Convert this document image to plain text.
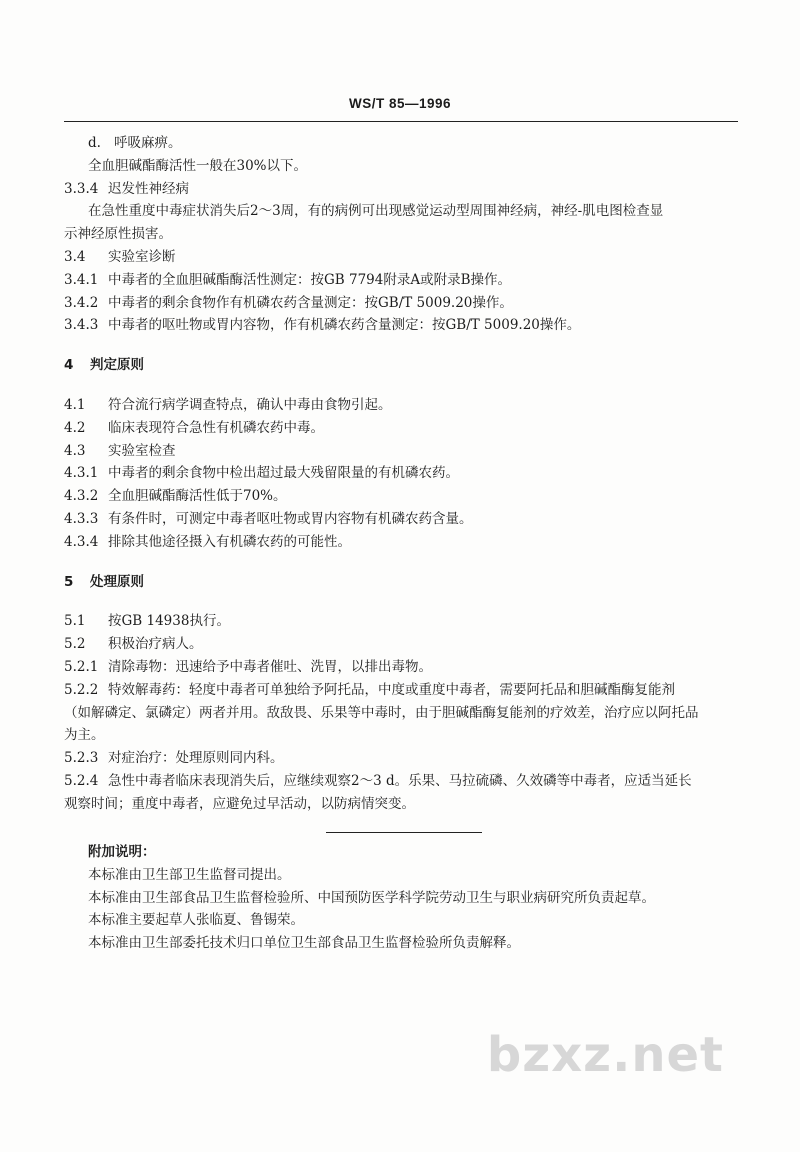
WS/T 85—1996
d. 呼吸麻痹。
全血胆碱酯酶活性一般在30%以下。
3.3.4 迟发性神经病
在急性重度中毒症状消失后2～3周，有的病例可出现感觉运动型周围神经病，神经-肌电图检查显
示神经原性损害。
3.4 实验室诊断
3.4.1 中毒者的全血胆碱酯酶活性测定：按GB 7794附录A或附录B操作。
3.4.2 中毒者的剩余食物作有机磷农药含量测定：按GB/T 5009.20操作。
3.4.3 中毒者的呕吐物或胃内容物，作有机磷农药含量测定：按GB/T 5009.20操作。
4 判定原则
4.1 符合流行病学调查特点，确认中毒由食物引起。
4.2 临床表现符合急性有机磷农药中毒。
4.3 实验室检查
4.3.1 中毒者的剩余食物中检出超过最大残留限量的有机磷农药。
4.3.2 全血胆碱酯酶活性低于70%。
4.3.3 有条件时，可测定中毒者呕吐物或胃内容物有机磷农药含量。
4.3.4 排除其他途径摄入有机磷农药的可能性。
5 处理原则
5.1 按GB 14938执行。
5.2 积极治疗病人。
5.2.1 清除毒物：迅速给予中毒者催吐、洗胃，以排出毒物。
5.2.2 特效解毒药：轻度中毒者可单独给予阿托品，中度或重度中毒者，需要阿托品和胆碱酯酶复能剂
（如解磷定、氯磷定）两者并用。敌敌畏、乐果等中毒时，由于胆碱酯酶复能剂的疗效差，治疗应以阿托品
为主。
5.2.3 对症治疗：处理原则同内科。
5.2.4 急性中毒者临床表现消失后，应继续观察2～3 d。乐果、马拉硫磷、久效磷等中毒者，应适当延长
观察时间；重度中毒者，应避免过早活动，以防病情突变。
附加说明：
本标准由卫生部卫生监督司提出。
本标准由卫生部食品卫生监督检验所、中国预防医学科学院劳动卫生与职业病研究所负责起草。
本标准主要起草人张临夏、鲁锡荣。
本标准由卫生部委托技术归口单位卫生部食品卫生监督检验所负责解释。
bzxz.net
